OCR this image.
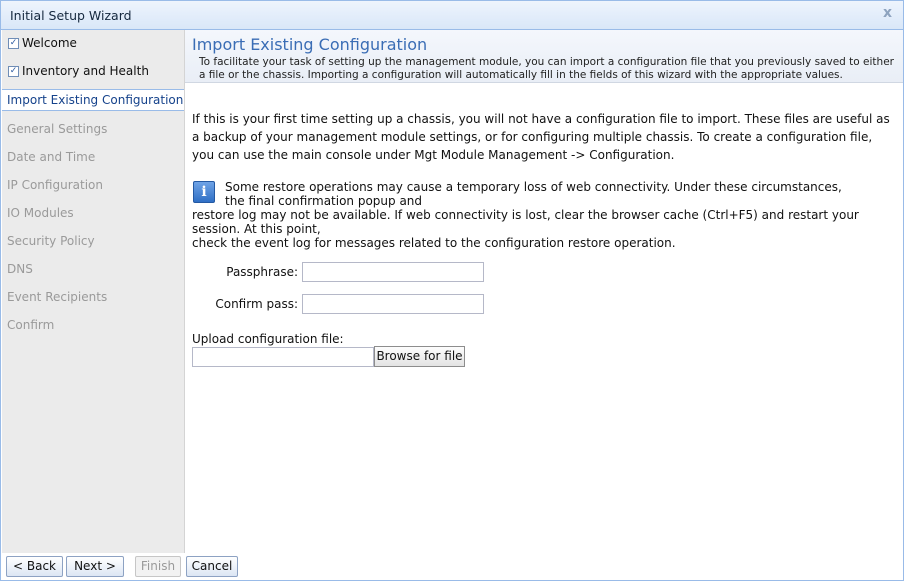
Initial Setup Wizard	x
✓ Welcome
✓ Inventory and Health
Import Existing Configuration
General Settings
Date and Time
IP Configuration
IO Modules
Security Policy
DNS
Event Recipients
Confirm
Import Existing Configuration
To facilitate your task of setting up the management module, you can import a configuration file that you previously saved to either a file or the chassis. Importing a configuration will automatically fill in the fields of this wizard with the appropriate values.
If this is your first time setting up a chassis, you will not have a configuration file to import. These files are useful as a backup of your management module settings, or for configuring multiple chassis. To create a configuration file, you can use the main console under Mgt Module Management -> Configuration.
i	Some restore operations may cause a temporary loss of web connectivity. Under these circumstances, the final confirmation popup and
restore log may not be available. If web connectivity is lost, clear the browser cache (Ctrl+F5) and restart your session. At this point,
check the event log for messages related to the configuration restore operation.
Passphrase:
Confirm pass:
Upload configuration file:
Browse for file
< Back	Next >	Finish	Cancel
